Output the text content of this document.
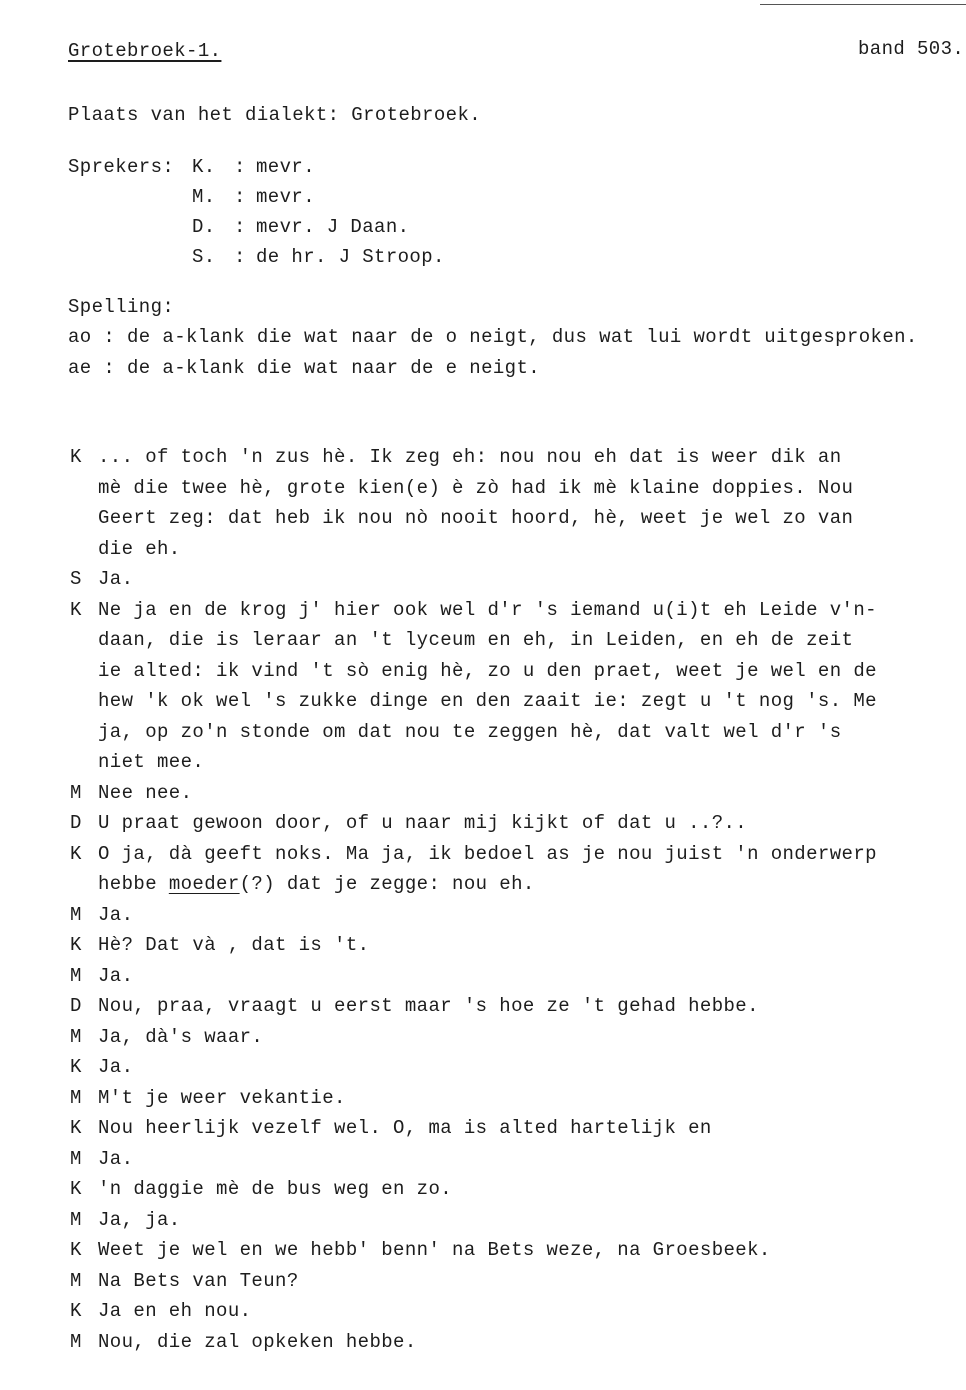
Grotebroek-1.	band 503.
Plaats van het dialekt: Grotebroek.
Sprekers: K. : mevr.
M. : mevr.
D. : mevr. J Daan.
S. : de hr. J Stroop.
Spelling:
ao : de a-klank die wat naar de o neigt, dus wat lui wordt uitgesproken.
ae : de a-klank die wat naar de e neigt.
K ... of toch 'n zus hè. Ik zeg eh: nou nou eh dat is weer dik an
mè die twee hè, grote kien(e) è zò had ik mè klaine doppies. Nou
Geert zeg: dat heb ik nou nò nooit hoord, hè, weet je wel zo van
die eh.
S Ja.
K Ne ja en de krog j' hier ook wel d'r 's iemand u(i)t eh Leide v'n-
daan, die is leraar an 't lyceum en eh, in Leiden, en eh de zeit
ie alted: ik vind 't sò enig hè, zo u den praet, weet je wel en de
hew 'k ok wel 's zukke dinge en den zaait ie: zegt u 't nog 's. Me
ja, op zo'n stonde om dat nou te zeggen hè, dat valt wel d'r 's
niet mee.
M Nee nee.
D U praat gewoon door, of u naar mij kijkt of dat u ..?..
K O ja, dà geeft noks. Ma ja, ik bedoel as je nou juist 'n onderwerp
hebbe moeder(?) dat je zegge: nou eh.
M Ja.
K Hè? Dat và , dat is 't.
M Ja.
D Nou, praa, vraagt u eerst maar 's hoe ze 't gehad hebbe.
M Ja, dà's waar.
K Ja.
M M't je weer vekantie.
K Nou heerlijk vezelf wel. O, ma is alted hartelijk en
M Ja.
K 'n daggie mè de bus weg en zo.
M Ja, ja.
K Weet je wel en we hebb' benn' na Bets weze, na Groesbeek.
M Na Bets van Teun?
K Ja en eh nou.
M Nou, die zal opkeken hebbe.
